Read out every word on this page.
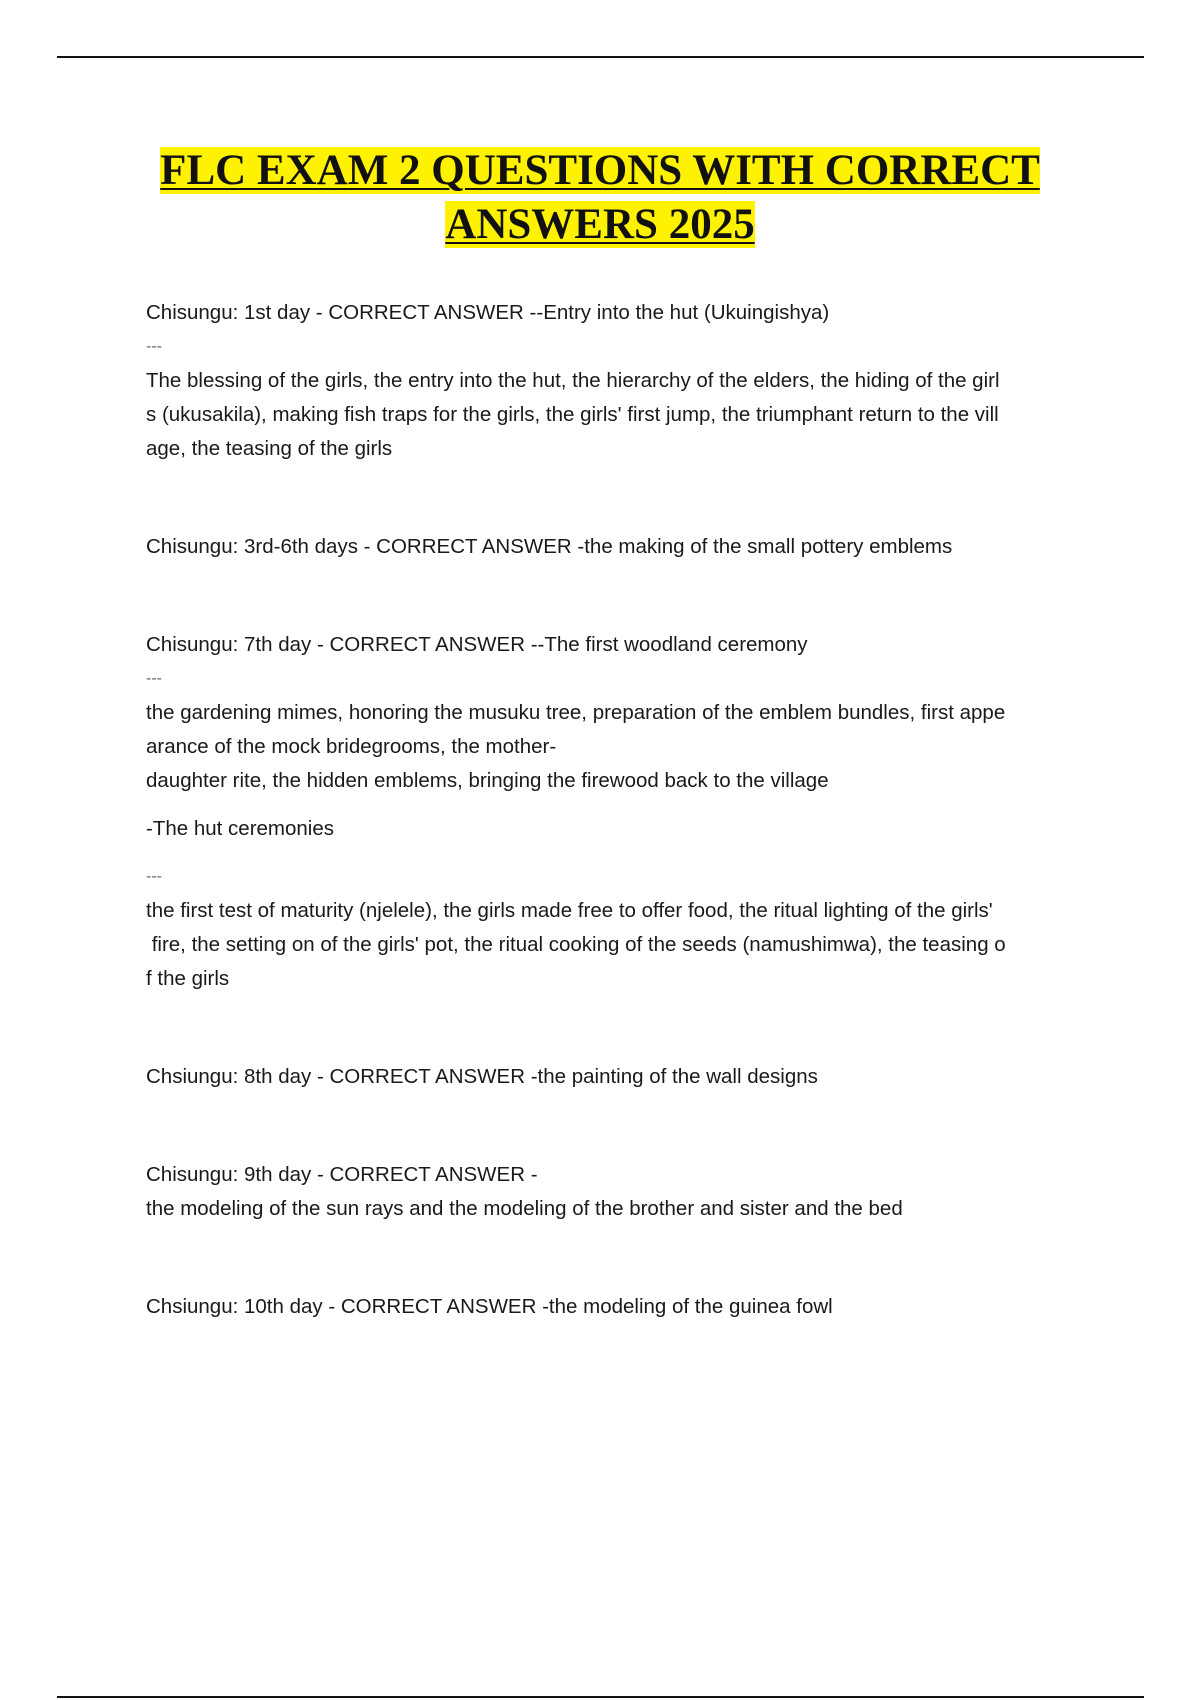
FLC EXAM 2 QUESTIONS WITH CORRECT
ANSWERS 2025

Chisungu: 1st day - CORRECT ANSWER --Entry into the hut (Ukuingishya)

---

The blessing of the girls, the entry into the hut, the hierarchy of the elders, the hiding of the girl

s (ukusakila), making fish traps for the girls, the girls' first jump, the triumphant return to the vill

age, the teasing of the girls

Chisungu: 3rd-6th days - CORRECT ANSWER -the making of the small pottery emblems

Chisungu: 7th day - CORRECT ANSWER --The first woodland ceremony

---

the gardening mimes, honoring the musuku tree, preparation of the emblem bundles, first appe

arance of the mock bridegrooms, the mother-

daughter rite, the hidden emblems, bringing the firewood back to the village

-The hut ceremonies

---

the first test of maturity (njelele), the girls made free to offer food, the ritual lighting of the girls'

fire, the setting on of the girls' pot, the ritual cooking of the seeds (namushimwa), the teasing o

f the girls

Chsiungu: 8th day - CORRECT ANSWER -the painting of the wall designs

Chisungu: 9th day - CORRECT ANSWER -

the modeling of the sun rays and the modeling of the brother and sister and the bed

Chsiungu: 10th day - CORRECT ANSWER -the modeling of the guinea fowl
